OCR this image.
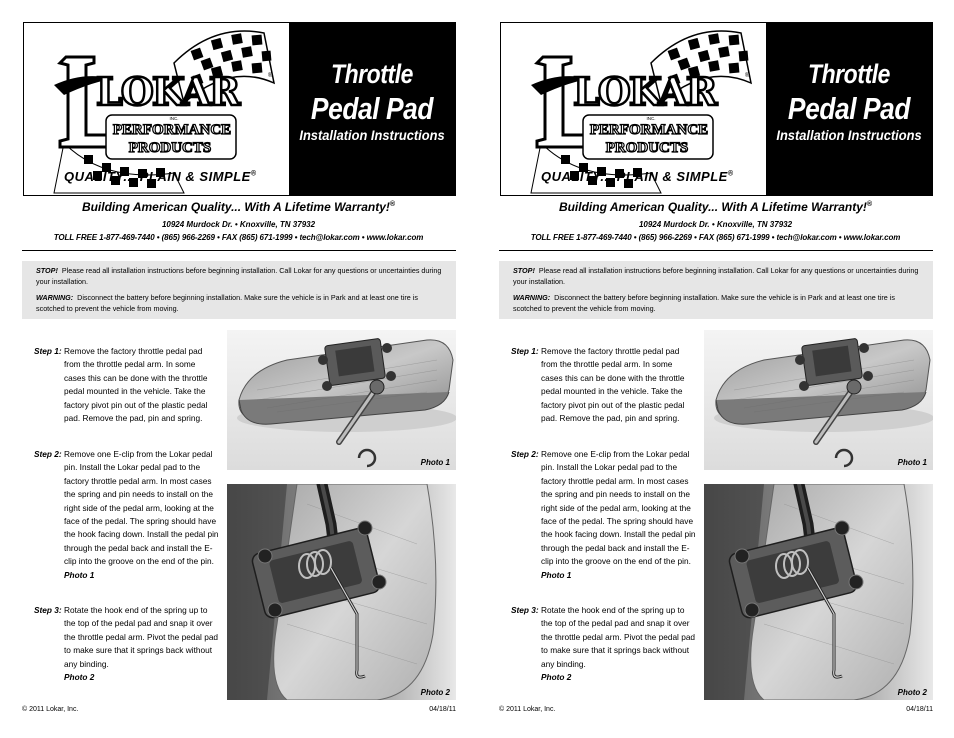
LOKAR	®
INC.
PERFORMANCE
PRODUCTS
QUALITY... PLAIN & SIMPLE®
Throttle
Pedal Pad
Installation Instructions
Building American Quality... With A Lifetime Warranty!®
10924 Murdock Dr. • Knoxville, TN 37932
TOLL FREE 1-877-469-7440 • (865) 966-2269 • FAX (865) 671-1999 • tech@lokar.com • www.lokar.com

STOP! Please read all installation instructions before beginning installation. Call Lokar for any questions or uncertainties during your installation.

WARNING: Disconnect the battery before beginning installation. Make sure the vehicle is in Park and at least one tire is scotched to prevent the vehicle from moving.

Step 1: Remove the factory throttle pedal pad from the throttle pedal arm. In some cases this can be done with the throttle pedal mounted in the vehicle. Take the factory pivot pin out of the plastic pedal pad. Remove the pad, pin and spring.
Step 2: Remove one E-clip from the Lokar pedal pin. Install the Lokar pedal pad to the factory throttle pedal arm. In most cases the spring and pin needs to install on the right side of the pedal arm, looking at the face of the pedal. The spring should have the hook facing down. Install the pedal pin through the pedal back and install the E-clip into the groove on the end of the pin. Photo 1
Step 3: Rotate the hook end of the spring up to the top of the pedal pad and snap it over the throttle pedal arm. Pivot the pedal pad to make sure that it springs back without any binding.
Photo 2
Photo 1
Photo 2
© 2011 Lokar, Inc.	04/18/11
LOKAR	®
INC.
PERFORMANCE
PRODUCTS
QUALITY... PLAIN & SIMPLE®
Throttle
Pedal Pad
Installation Instructions
Building American Quality... With A Lifetime Warranty!®
10924 Murdock Dr. • Knoxville, TN 37932
TOLL FREE 1-877-469-7440 • (865) 966-2269 • FAX (865) 671-1999 • tech@lokar.com • www.lokar.com

STOP! Please read all installation instructions before beginning installation. Call Lokar for any questions or uncertainties during your installation.

WARNING: Disconnect the battery before beginning installation. Make sure the vehicle is in Park and at least one tire is scotched to prevent the vehicle from moving.

Step 1: Remove the factory throttle pedal pad from the throttle pedal arm. In some cases this can be done with the throttle pedal mounted in the vehicle. Take the factory pivot pin out of the plastic pedal pad. Remove the pad, pin and spring.
Step 2: Remove one E-clip from the Lokar pedal pin. Install the Lokar pedal pad to the factory throttle pedal arm. In most cases the spring and pin needs to install on the right side of the pedal arm, looking at the face of the pedal. The spring should have the hook facing down. Install the pedal pin through the pedal back and install the E-clip into the groove on the end of the pin. Photo 1
Step 3: Rotate the hook end of the spring up to the top of the pedal pad and snap it over the throttle pedal arm. Pivot the pedal pad to make sure that it springs back without any binding.
Photo 2
Photo 1
Photo 2
© 2011 Lokar, Inc.	04/18/11
